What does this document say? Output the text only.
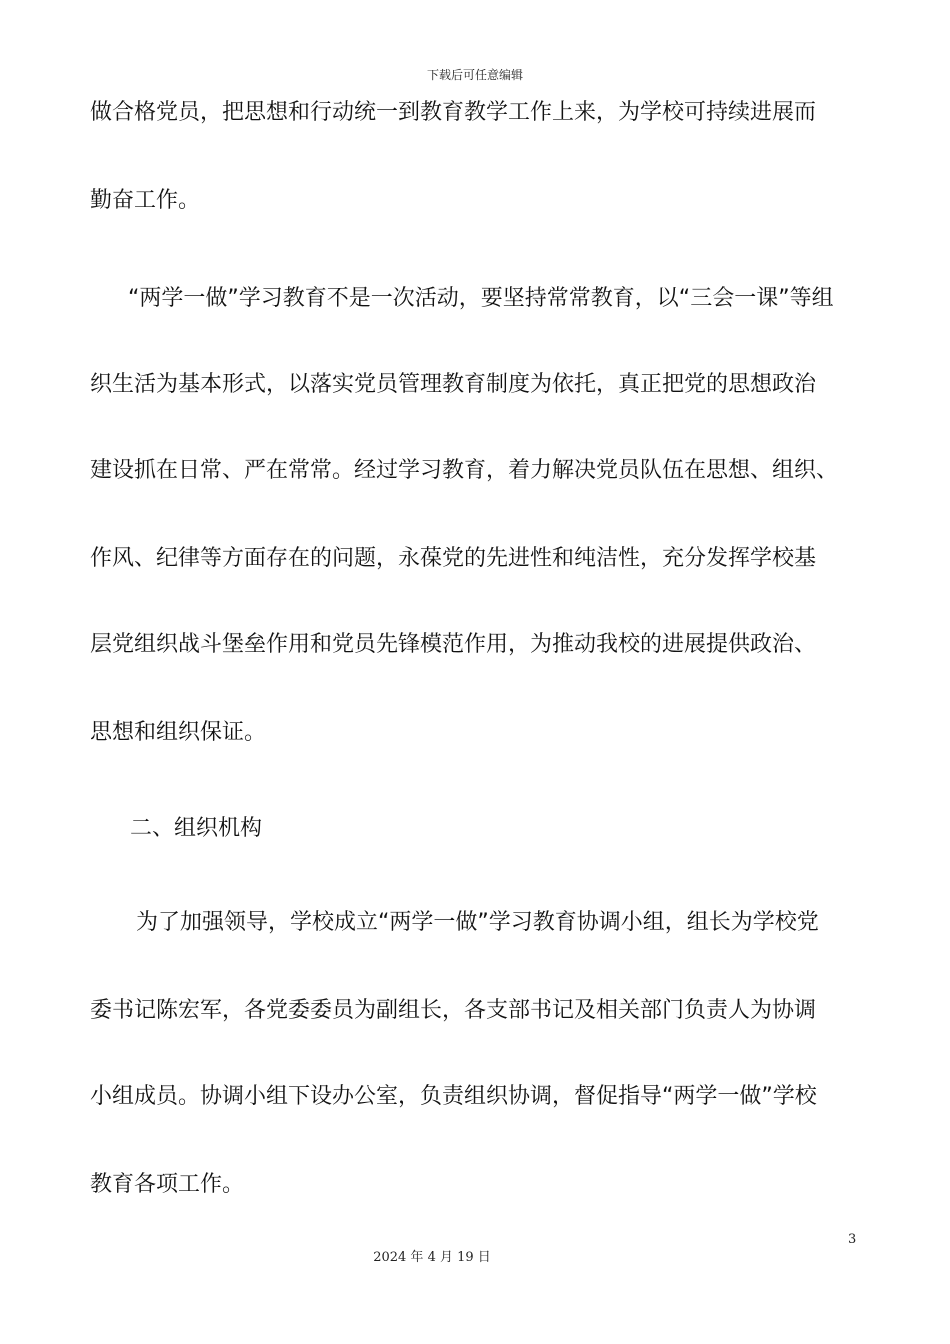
下载后可任意编辑
做合格党员，把思想和行动统一到教育教学工作上来，为学校可持续进展而
勤奋工作。
“两学一做”学习教育不是一次活动，要坚持常常教育，以“三会一课”等组
织生活为基本形式，以落实党员管理教育制度为依托，真正把党的思想政治
建设抓在日常、严在常常。经过学习教育，着力解决党员队伍在思想、组织、
作风、纪律等方面存在的问题，永葆党的先进性和纯洁性，充分发挥学校基
层党组织战斗堡垒作用和党员先锋模范作用，为推动我校的进展提供政治、
思想和组织保证。
二、组织机构
为了加强领导，学校成立“两学一做”学习教育协调小组，组长为学校党
委书记陈宏军，各党委委员为副组长，各支部书记及相关部门负责人为协调
小组成员。协调小组下设办公室，负责组织协调，督促指导“两学一做”学校
教育各项工作。
3
2024 年 4 月 19 日
